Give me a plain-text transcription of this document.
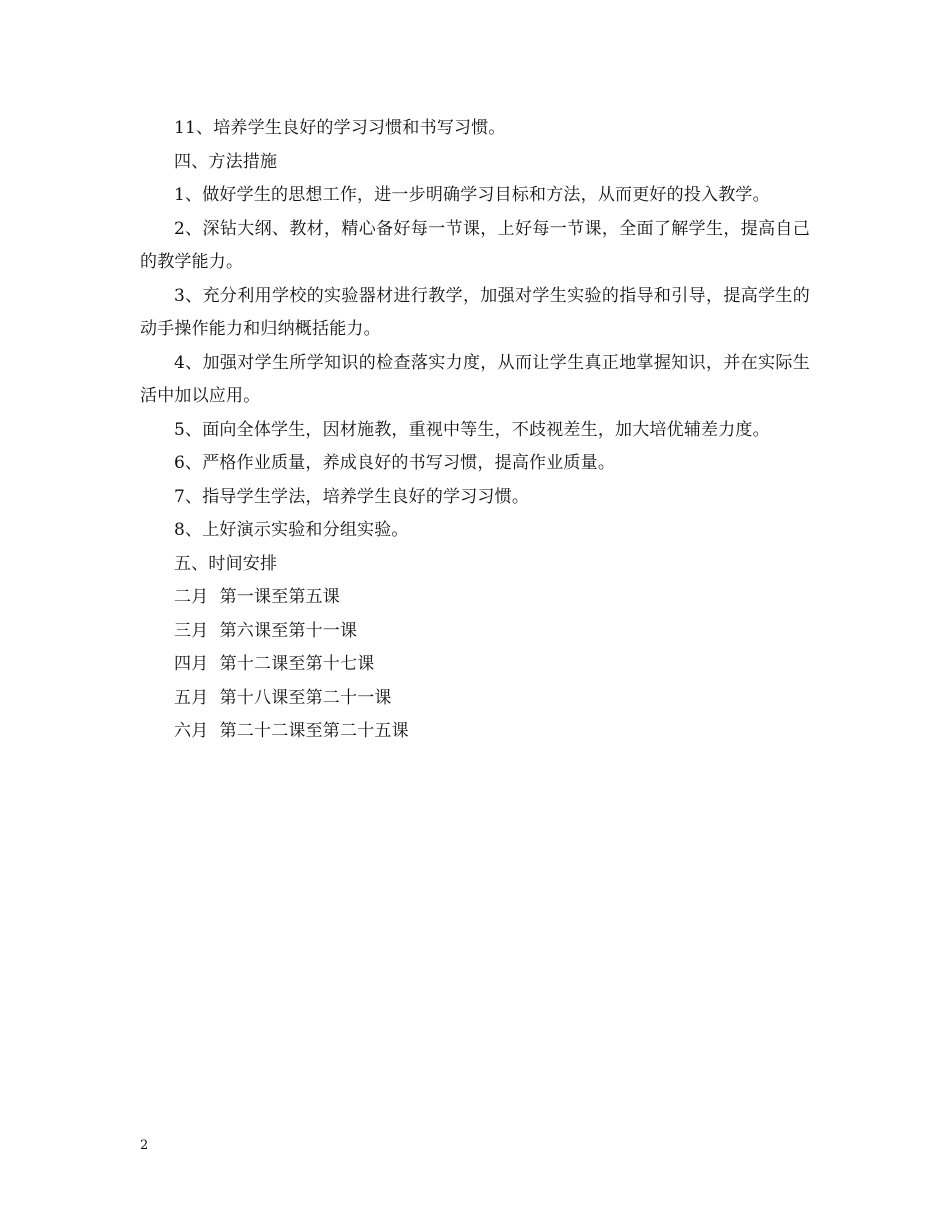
11、培养学生良好的学习习惯和书写习惯。

四、方法措施

1、做好学生的思想工作，进一步明确学习目标和方法，从而更好的投入教学。

2、深钻大纲、教材，精心备好每一节课，上好每一节课，全面了解学生，提高自己的教学能力。

3、充分利用学校的实验器材进行教学，加强对学生实验的指导和引导，提高学生的动手操作能力和归纳概括能力。

4、加强对学生所学知识的检查落实力度，从而让学生真正地掌握知识，并在实际生活中加以应用。

5、面向全体学生，因材施教，重视中等生，不歧视差生，加大培优辅差力度。

6、严格作业质量，养成良好的书写习惯，提高作业质量。

7、指导学生学法，培养学生良好的学习习惯。

8、上好演示实验和分组实验。

五、时间安排

二月  第一课至第五课

三月  第六课至第十一课

四月  第十二课至第十七课

五月  第十八课至第二十一课

六月  第二十二课至第二十五课

2
